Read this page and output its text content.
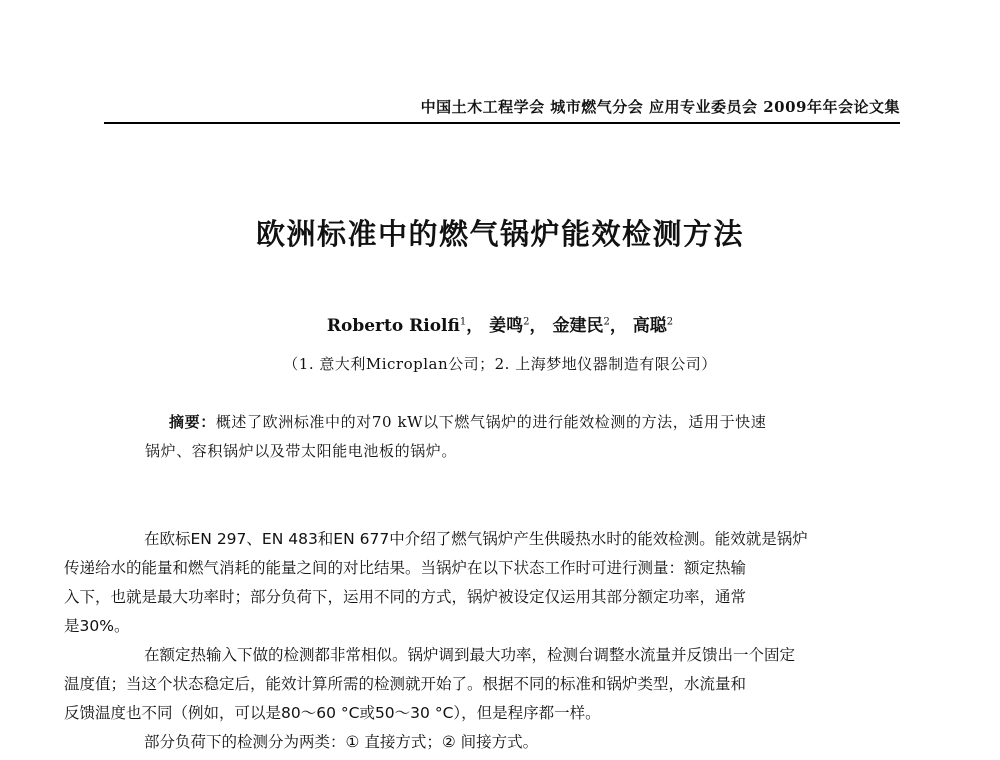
中国土木工程学会 城市燃气分会 应用专业委员会 2009年年会论文集
欧洲标准中的燃气锅炉能效检测方法
Roberto Riolfi$^1$， 姜鸣$^2$， 金建民$^2$， 高聪$^2$
（1. 意大利Microplan公司；2. 上海梦地仪器制造有限公司）
摘要：概述了欧洲标准中的对70 kW以下燃气锅炉的进行能效检测的方法，适用于快速
锅炉、容积锅炉以及带太阳能电池板的锅炉。

在欧标EN 297、EN 483和EN 677中介绍了燃气锅炉产生供暖热水时的能效检测。能效就是锅炉
传递给水的能量和燃气消耗的能量之间的对比结果。当锅炉在以下状态工作时可进行测量：额定热输
入下，也就是最大功率时；部分负荷下，运用不同的方式，锅炉被设定仅运用其部分额定功率，通常
是30%。

在额定热输入下做的检测都非常相似。锅炉调到最大功率，检测台调整水流量并反馈出一个固定
温度值；当这个状态稳定后，能效计算所需的检测就开始了。根据不同的标准和锅炉类型，水流量和
反馈温度也不同（例如，可以是80～60 °C或50～30 °C），但是程序都一样。

部分负荷下的检测分为两类：① 直接方式；② 间接方式。
